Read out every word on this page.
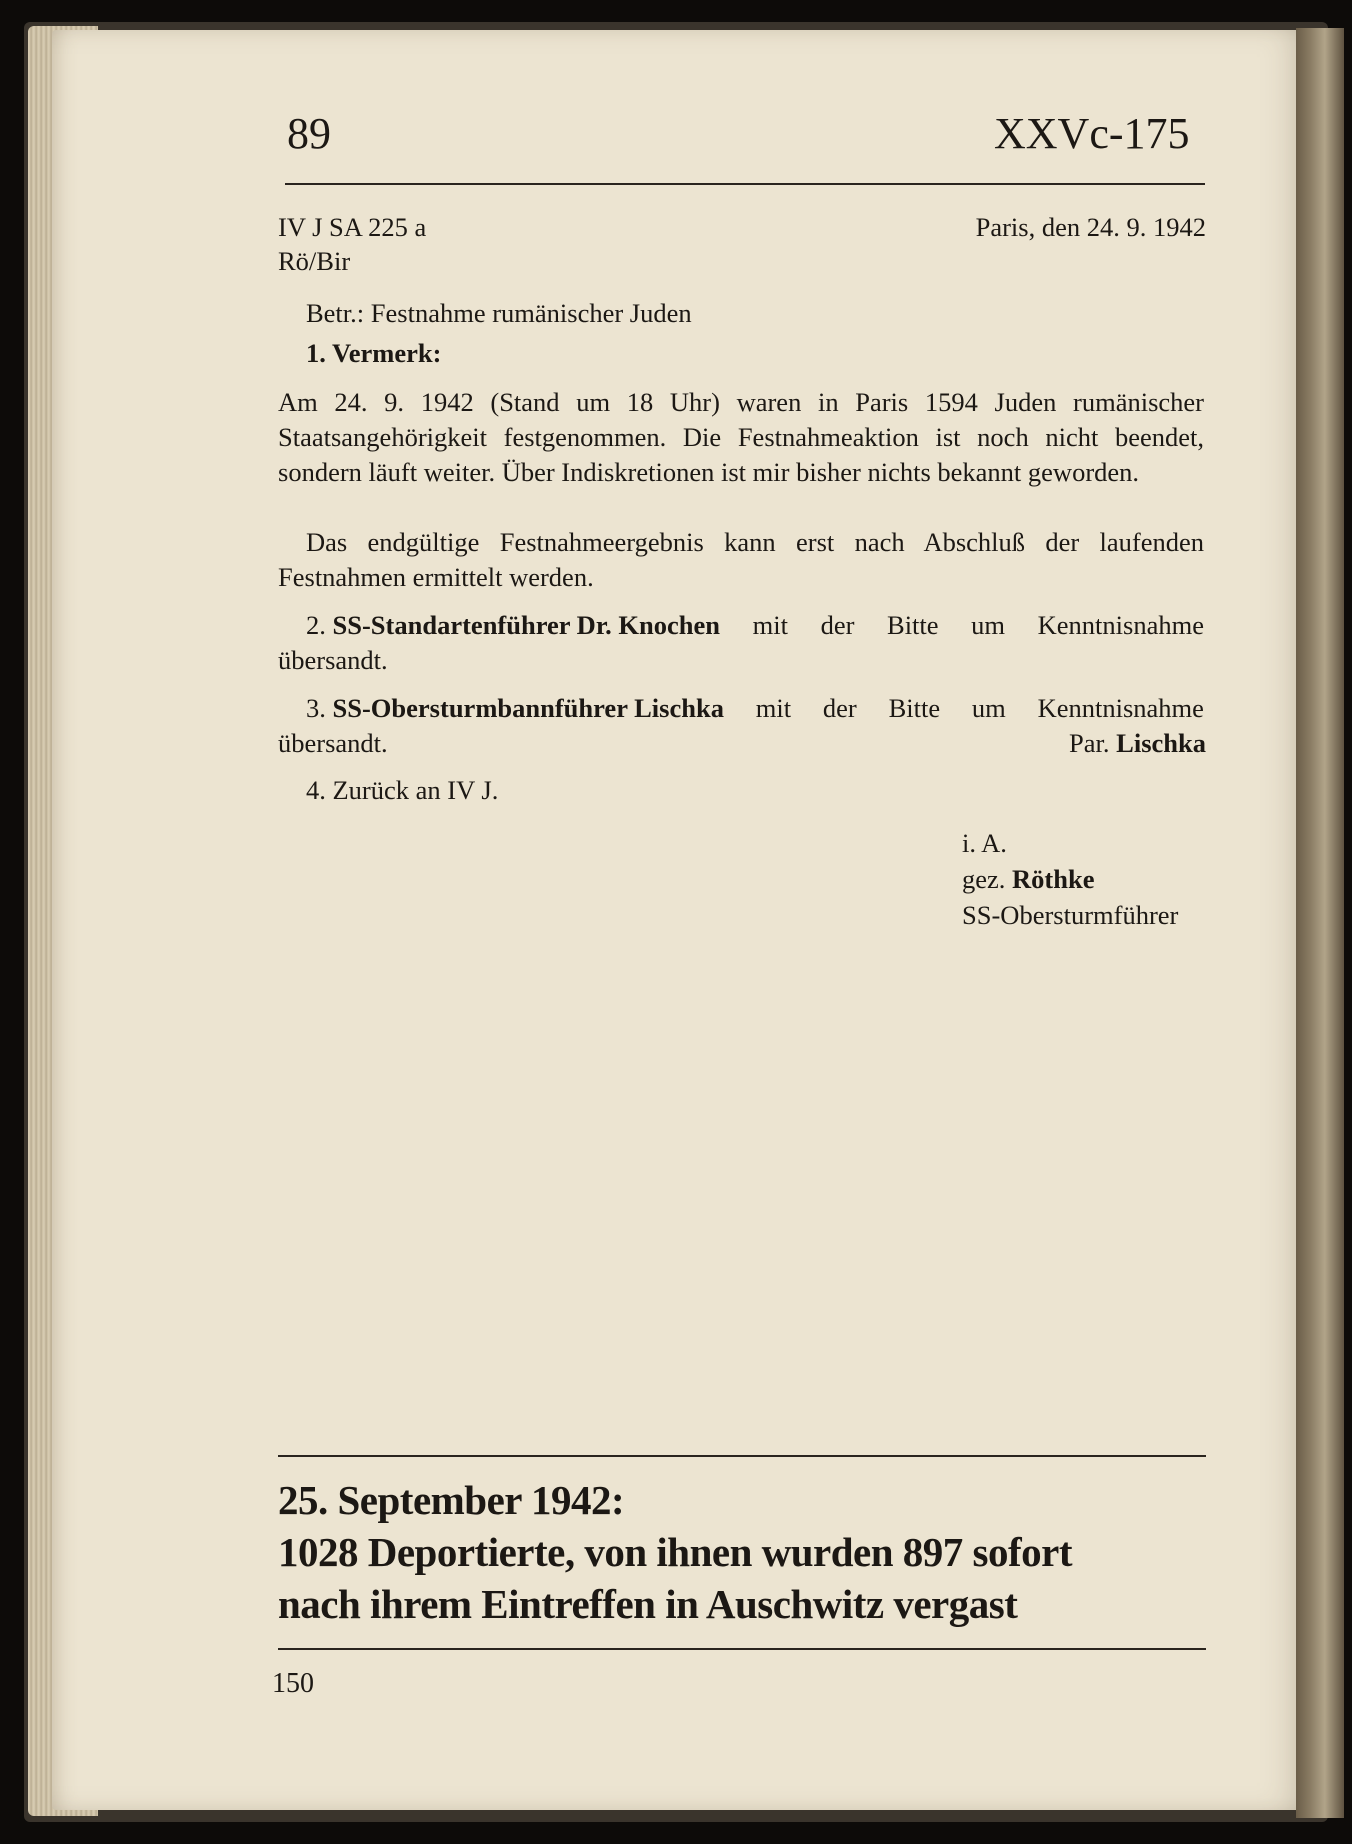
89	XXVc-175
IV J SA 225 a
Rö/Bir
Paris, den 24. 9. 1942
Betr.: Festnahme rumänischer Juden
1. Vermerk:

Am 24. 9. 1942 (Stand um 18 Uhr) waren in Paris 1594 Juden rumänischer Staatsangehörigkeit festgenommen. Die Festnahmeaktion ist noch nicht beendet, sondern läuft weiter. Über Indiskretionen ist mir bisher nichts bekannt geworden.

Das endgültige Festnahmeergebnis kann erst nach Abschluß der laufenden Festnahmen ermittelt werden.

2. SS-Standartenführer Dr. Knochen mit der Bitte um Kenntnisnahme
übersandt.
3. SS-Obersturmbannführer Lischka mit der Bitte um Kenntnisnahme
übersandt.	Par. Lischka
4. Zurück an IV J.
i. A.
gez. Röthke
SS-Obersturmführer
25. September 1942:
1028 Deportierte, von ihnen wurden 897 sofort
nach ihrem Eintreffen in Auschwitz vergast
150
